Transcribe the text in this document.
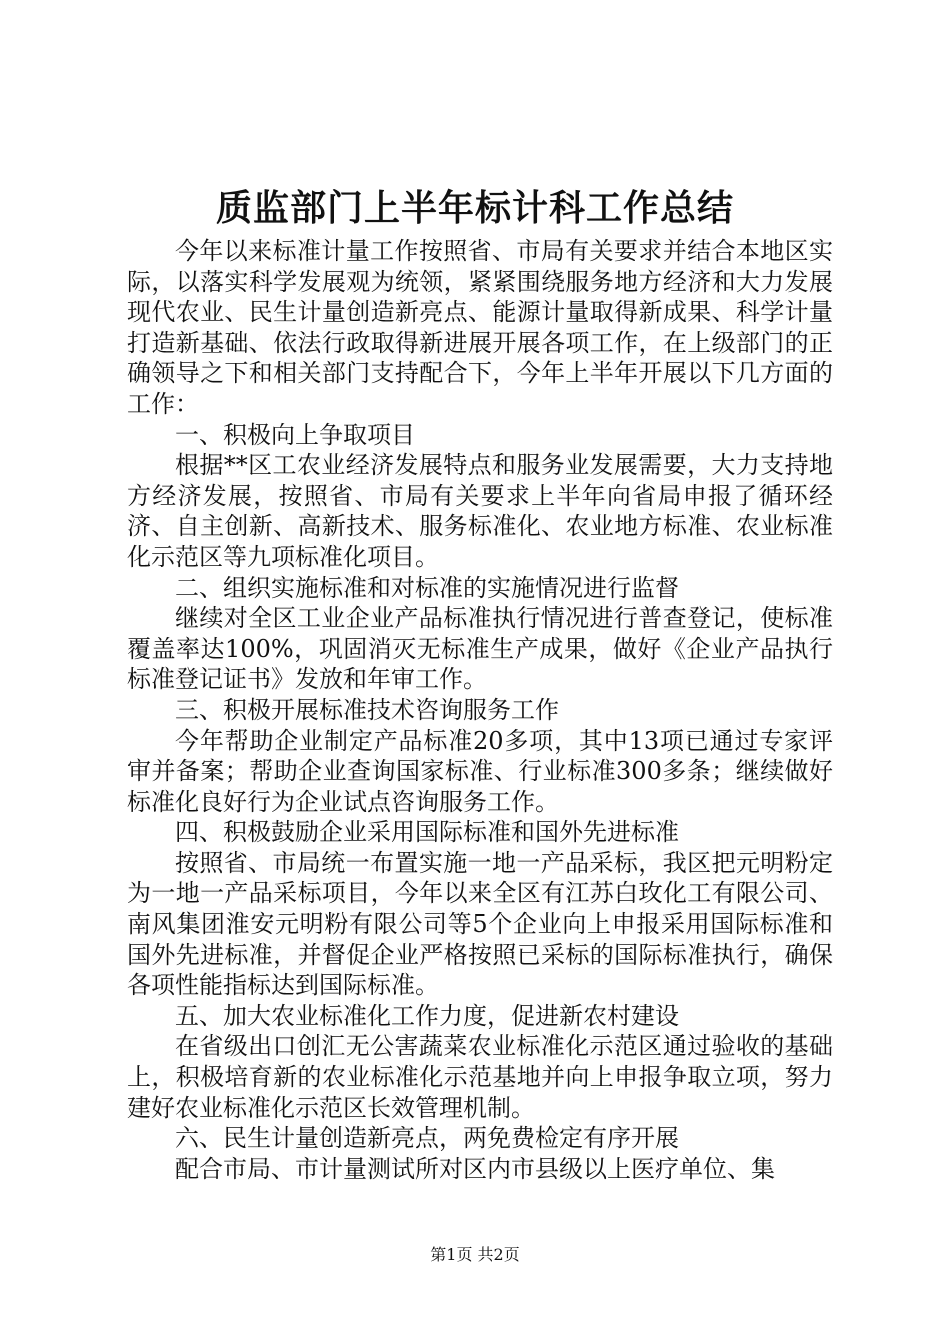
质监部门上半年标计科工作总结

今年以来标准计量工作按照省、市局有关要求并结合本地区实际，以落实科学发展观为统领，紧紧围绕服务地方经济和大力发展现代农业、民生计量创造新亮点、能源计量取得新成果、科学计量打造新基础、依法行政取得新进展开展各项工作，在上级部门的正确领导之下和相关部门支持配合下，今年上半年开展以下几方面的工作：

一、积极向上争取项目

根据**区工农业经济发展特点和服务业发展需要，大力支持地方经济发展，按照省、市局有关要求上半年向省局申报了循环经济、自主创新、高新技术、服务标准化、农业地方标准、农业标准化示范区等九项标准化项目。

二、组织实施标准和对标准的实施情况进行监督

继续对全区工业企业产品标准执行情况进行普查登记，使标准覆盖率达100%，巩固消灭无标准生产成果，做好《企业产品执行标准登记证书》发放和年审工作。

三、积极开展标准技术咨询服务工作

今年帮助企业制定产品标准20多项，其中13项已通过专家评审并备案；帮助企业查询国家标准、行业标准300多条；继续做好标准化良好行为企业试点咨询服务工作。

四、积极鼓励企业采用国际标准和国外先进标准

按照省、市局统一布置实施一地一产品采标，我区把元明粉定为一地一产品采标项目，今年以来全区有江苏白玫化工有限公司、南风集团淮安元明粉有限公司等5个企业向上申报采用国际标准和国外先进标准，并督促企业严格按照已采标的国际标准执行，确保各项性能指标达到国际标准。

五、加大农业标准化工作力度，促进新农村建设

在省级出口创汇无公害蔬菜农业标准化示范区通过验收的基础上，积极培育新的农业标准化示范基地并向上申报争取立项，努力建好农业标准化示范区长效管理机制。

六、民生计量创造新亮点，两免费检定有序开展

配合市局、市计量测试所对区内市县级以上医疗单位、集

第1页 共2页
